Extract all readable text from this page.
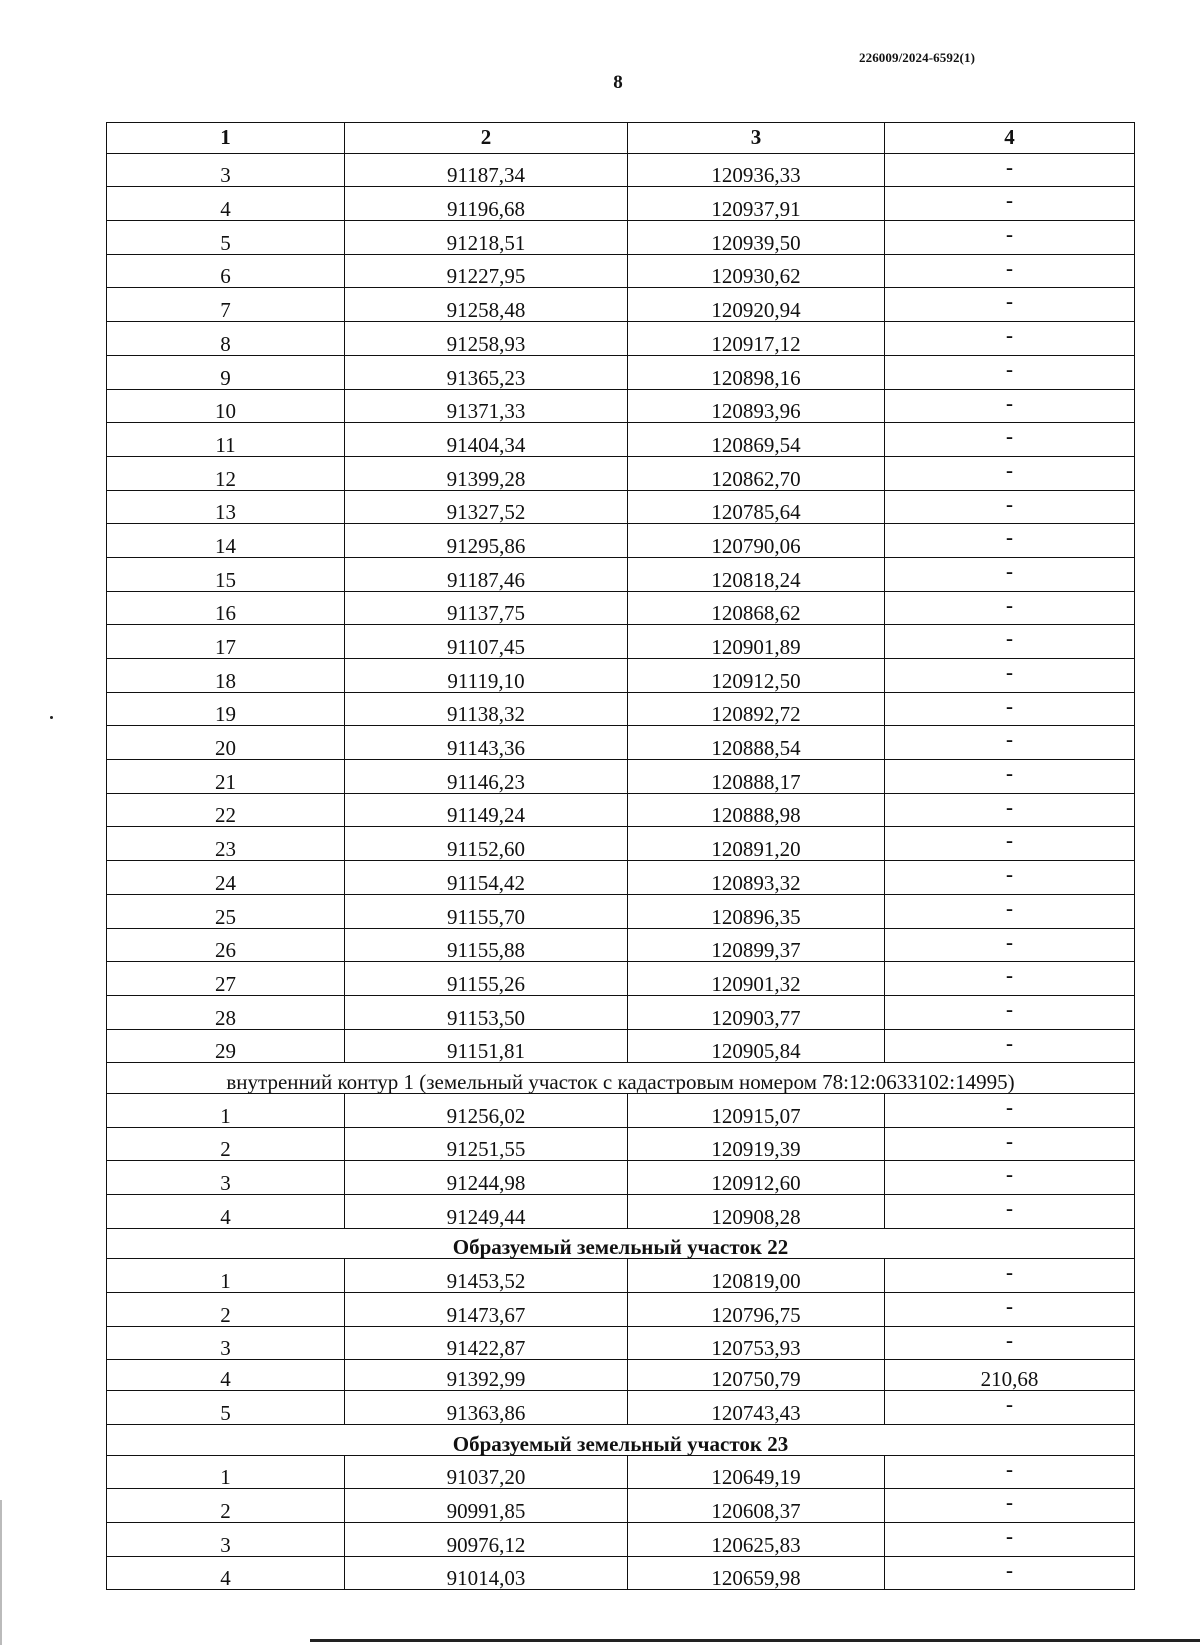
226009/2024-6592(1)
8
1	2	3	4
3	91187,34	120936,33	-
4	91196,68	120937,91	-
5	91218,51	120939,50	-
6	91227,95	120930,62	-
7	91258,48	120920,94	-
8	91258,93	120917,12	-
9	91365,23	120898,16	-
10	91371,33	120893,96	-
11	91404,34	120869,54	-
12	91399,28	120862,70	-
13	91327,52	120785,64	-
14	91295,86	120790,06	-
15	91187,46	120818,24	-
16	91137,75	120868,62	-
17	91107,45	120901,89	-
18	91119,10	120912,50	-
19	91138,32	120892,72	-
20	91143,36	120888,54	-
21	91146,23	120888,17	-
22	91149,24	120888,98	-
23	91152,60	120891,20	-
24	91154,42	120893,32	-
25	91155,70	120896,35	-
26	91155,88	120899,37	-
27	91155,26	120901,32	-
28	91153,50	120903,77	-
29	91151,81	120905,84	-
внутренний контур 1 (земельный участок с кадастровым номером 78:12:0633102:14995)			
1	91256,02	120915,07	-
2	91251,55	120919,39	-
3	91244,98	120912,60	-
4	91249,44	120908,28	-
Образуемый земельный участок 22			
1	91453,52	120819,00	-
2	91473,67	120796,75	-
3	91422,87	120753,93	-
4	91392,99	120750,79	210,68
5	91363,86	120743,43	-
Образуемый земельный участок 23			
1	91037,20	120649,19	-
2	90991,85	120608,37	-
3	90976,12	120625,83	-
4	91014,03	120659,98	-
